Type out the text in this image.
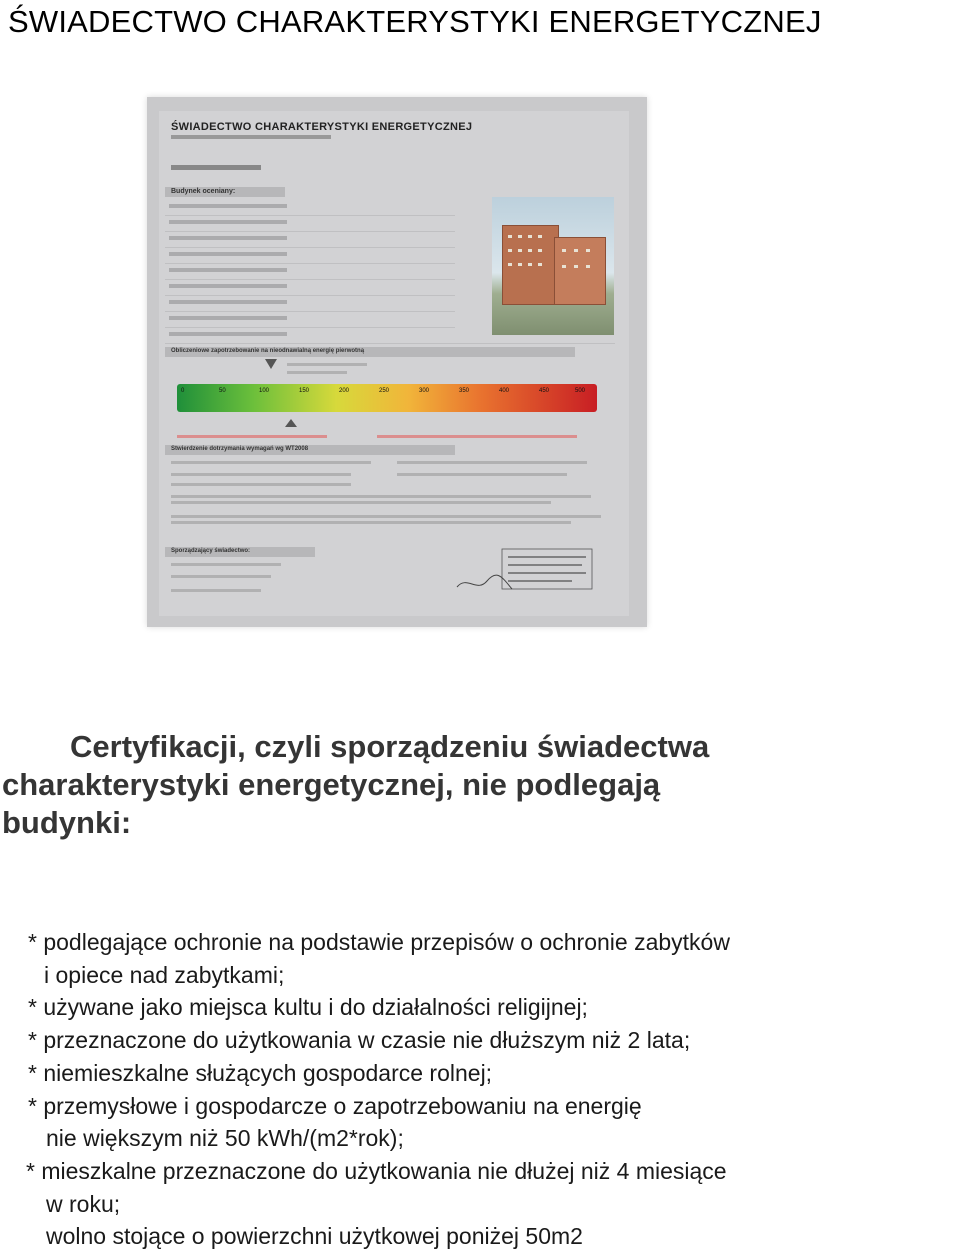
ŚWIADECTWO CHARAKTERYSTYKI ENERGETYCZNEJ
ŚWIADECTWO CHARAKTERYSTYKI ENERGETYCZNEJ
Budynek oceniany:
Obliczeniowe zapotrzebowanie na nieodnawialną energię pierwotną
0	50	100	150	200	250	300	350	400	450	500
Stwierdzenie dotrzymania wymagań wg WT2008
Sporządzający świadectwo:
Certyfikacji, czyli sporządzeniu świadectwa
charakterystyki energetycznej, nie podlegają
budynki:
* podlegające ochronie na podstawie przepisów o ochronie zabytków
i opiece nad zabytkami;
* używane jako miejsca kultu i do działalności religijnej;
* przeznaczone do użytkowania w czasie nie dłuższym niż 2 lata;
* niemieszkalne służących gospodarce rolnej;
* przemysłowe i gospodarcze o zapotrzebowaniu na energię
nie większym niż 50 kWh/(m2*rok);
* mieszkalne przeznaczone do użytkowania nie dłużej niż 4 miesiące
w roku;
wolno stojące o powierzchni użytkowej poniżej 50m2
